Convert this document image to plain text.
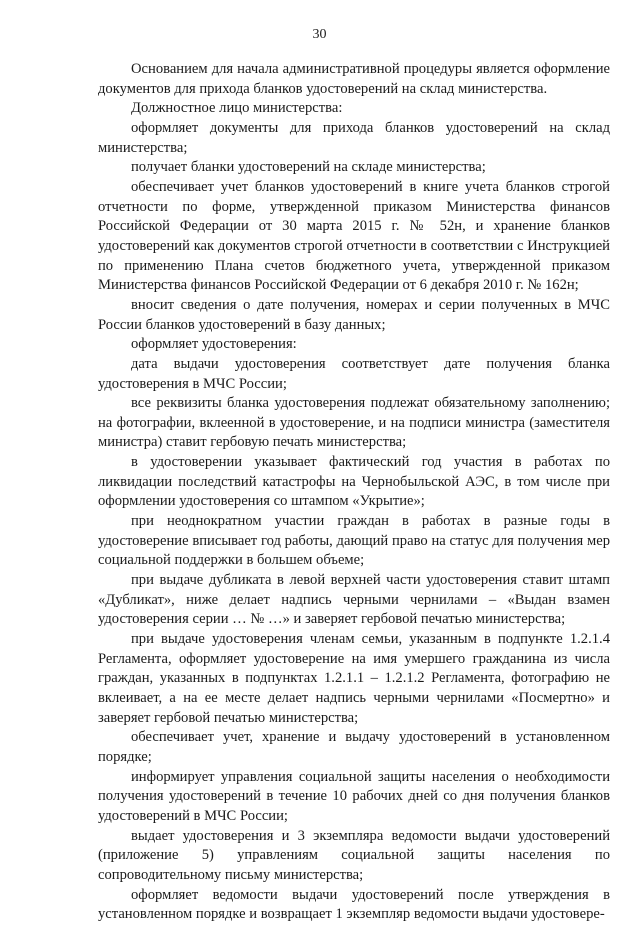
30

Основанием для начала административной процедуры является оформление документов для прихода бланков удостоверений на склад министерства.

Должностное лицо министерства:

оформляет документы для прихода бланков удостоверений на склад министерства;

получает бланки удостоверений на складе министерства;

обеспечивает учет бланков удостоверений в книге учета бланков строгой отчетности по форме, утвержденной приказом Министерства финансов Российской Федерации от 30 марта 2015 г. № 52н, и хранение бланков удостоверений как документов строгой отчетности в соответствии с Инструкцией по применению Плана счетов бюджетного учета, утвержденной приказом Министерства финансов Российской Федерации от 6 декабря 2010 г. № 162н;

вносит сведения о дате получения, номерах и серии полученных в МЧС России бланков удостоверений в базу данных;

оформляет удостоверения:

дата выдачи удостоверения соответствует дате получения бланка удостоверения в МЧС России;

все реквизиты бланка удостоверения подлежат обязательному заполнению; на фотографии, вклеенной в удостоверение, и на подписи министра (заместителя министра) ставит гербовую печать министерства;

в удостоверении указывает фактический год участия в работах по ликвидации последствий катастрофы на Чернобыльской АЭС, в том числе при оформлении удостоверения со штампом «Укрытие»;

при неоднократном участии граждан в работах в разные годы в удостоверение вписывает год работы, дающий право на статус для получения мер социальной поддержки в большем объеме;

при выдаче дубликата в левой верхней части удостоверения ставит штамп «Дубликат», ниже делает надпись черными чернилами – «Выдан взамен удостоверения серии … № …» и заверяет гербовой печатью министерства;

при выдаче удостоверения членам семьи, указанным в подпункте 1.2.1.4 Регламента, оформляет удостоверение на имя умершего гражданина из числа граждан, указанных в подпунктах 1.2.1.1 – 1.2.1.2 Регламента, фотографию не вклеивает, а на ее месте делает надпись черными чернилами «Посмертно» и заверяет гербовой печатью министерства;

обеспечивает учет, хранение и выдачу удостоверений в установленном порядке;

информирует управления социальной защиты населения о необходимости получения удостоверений в течение 10 рабочих дней со дня получения бланков удостоверений в МЧС России;

выдает удостоверения и 3 экземпляра ведомости выдачи удостоверений (приложение 5) управлениям социальной защиты населения по сопроводительному письму министерства;

оформляет ведомости выдачи удостоверений после утверждения в установленном порядке и возвращает 1 экземпляр ведомости выдачи удостовере-
